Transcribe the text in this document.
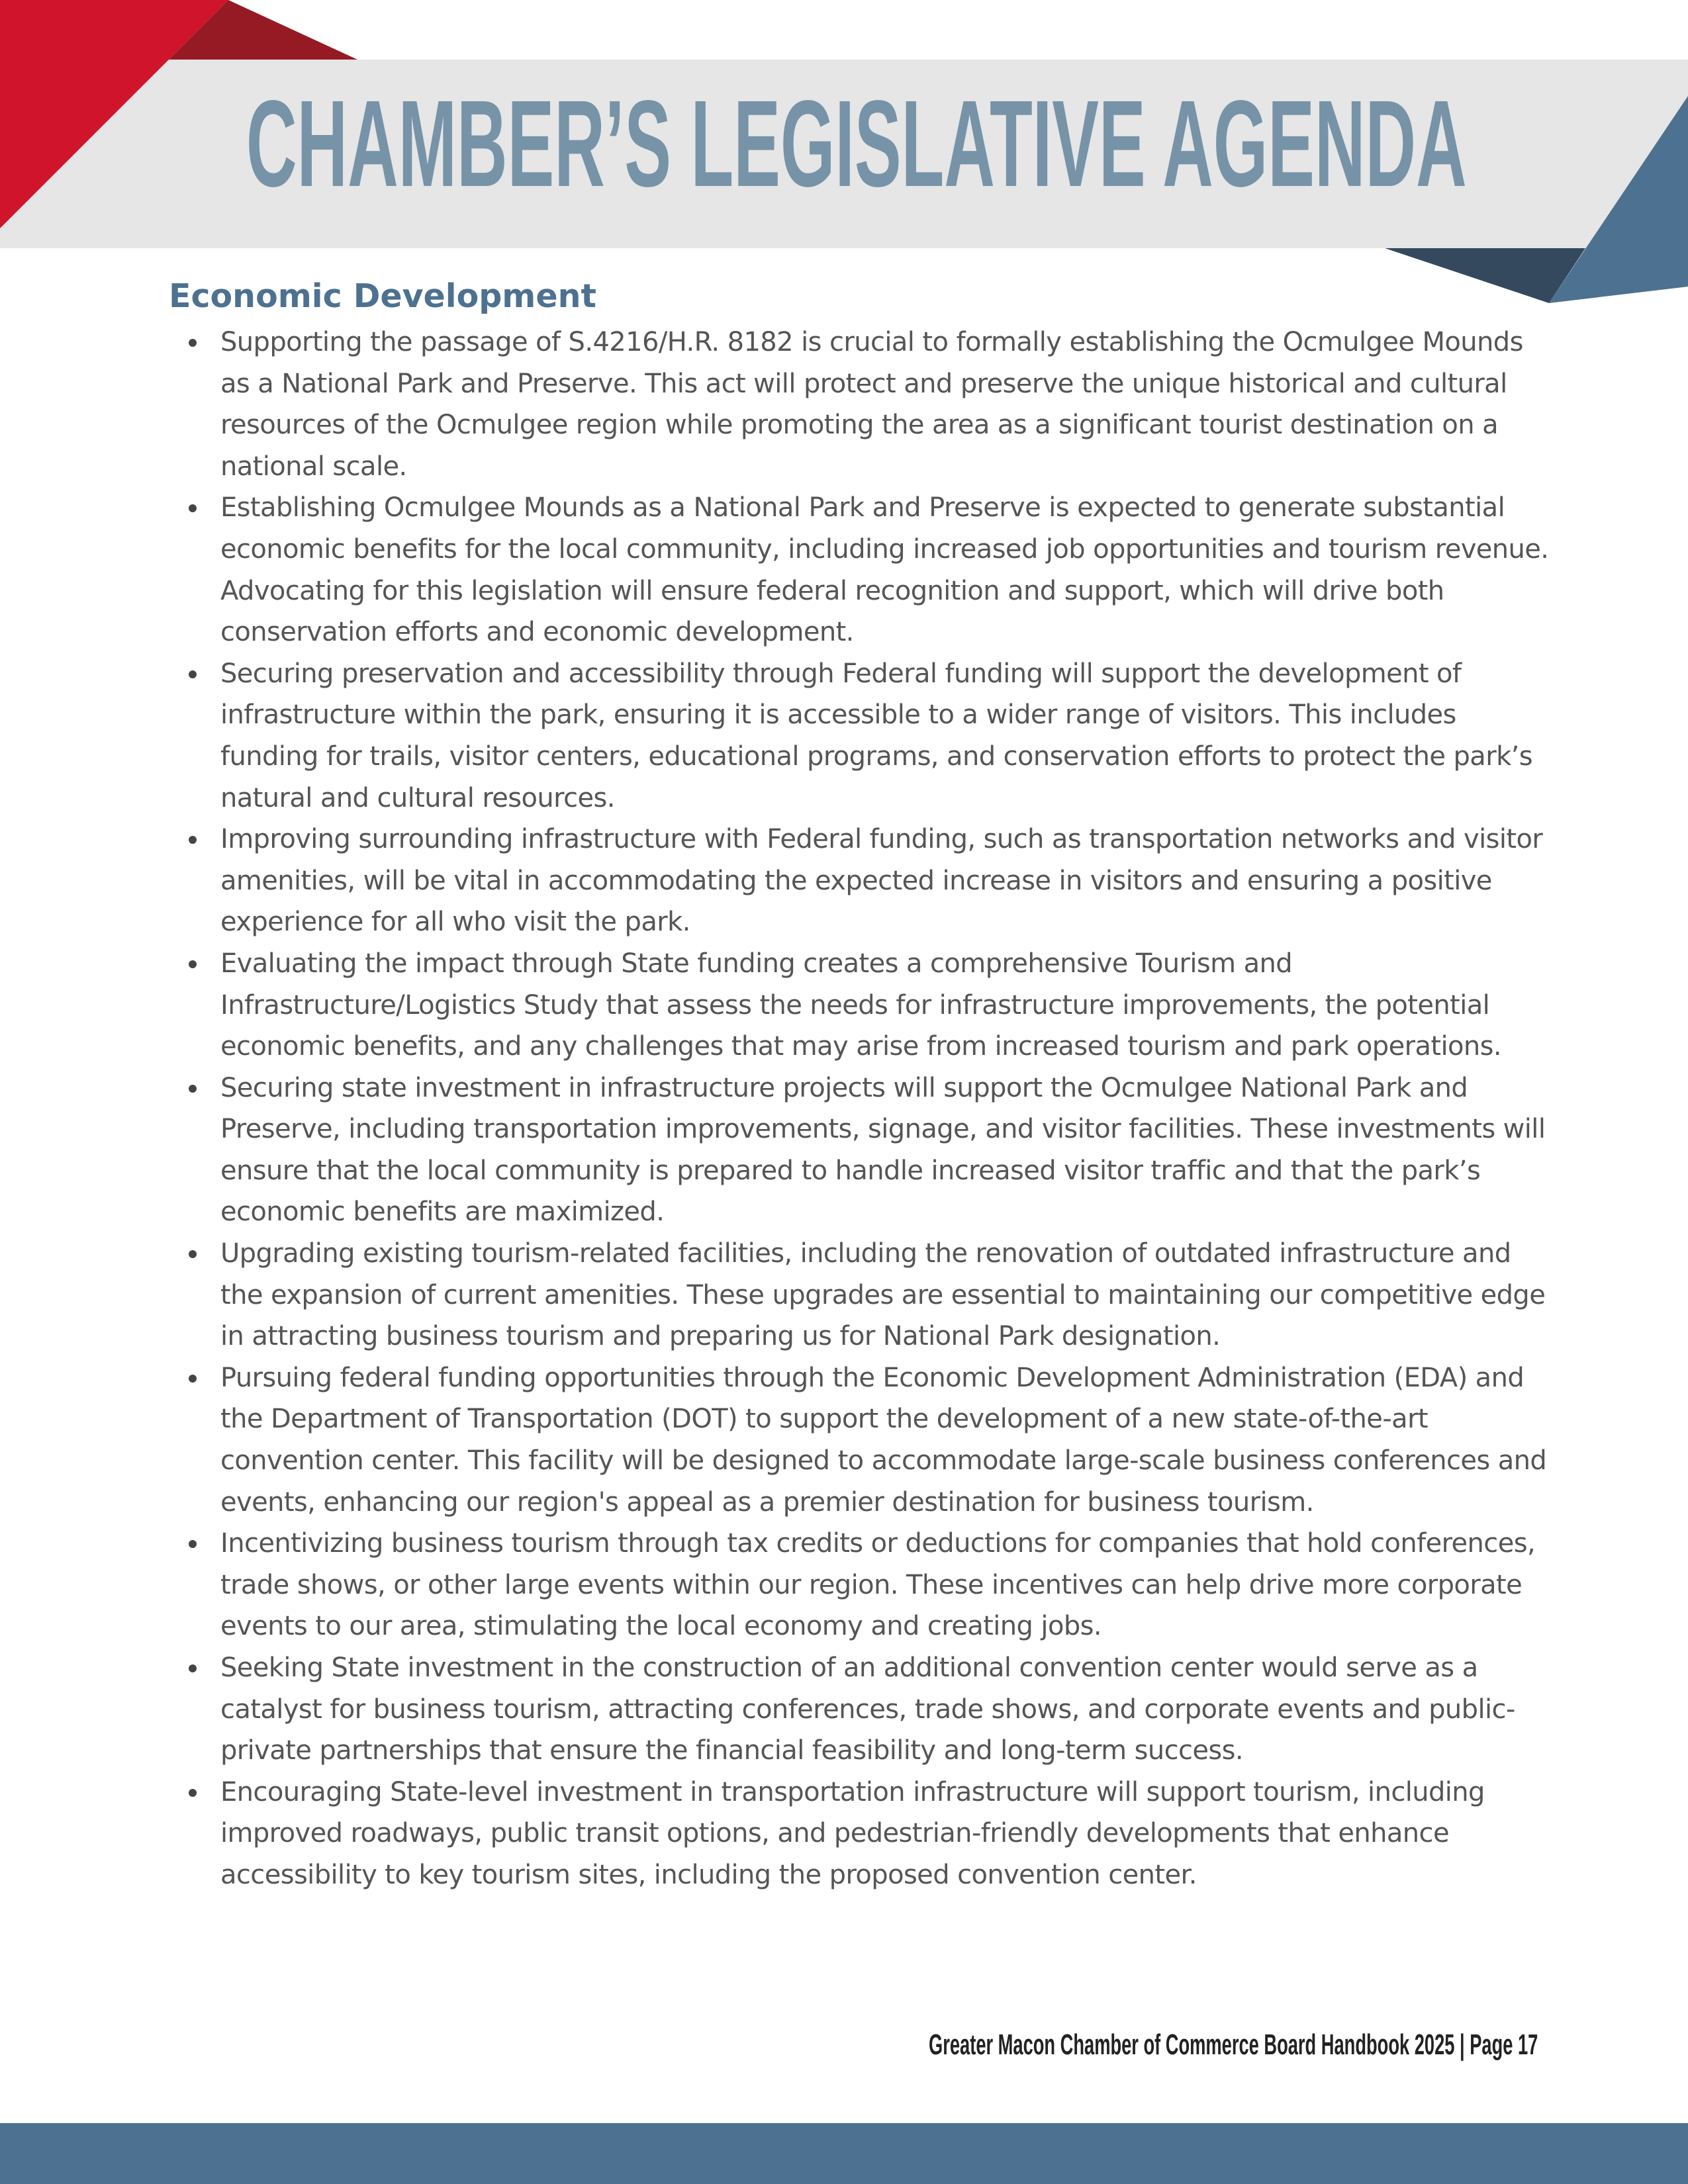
CHAMBER’S LEGISLATIVE AGENDA
Economic Development
Supporting the passage of S.4216/H.R. 8182 is crucial to formally establishing the Ocmulgee Mounds as a National Park and Preserve. This act will protect and preserve the unique historical and cultural resources of the Ocmulgee region while promoting the area as a significant tourist destination on a national scale.
Establishing Ocmulgee Mounds as a National Park and Preserve is expected to generate substantial economic benefits for the local community, including increased job opportunities and tourism revenue. Advocating for this legislation will ensure federal recognition and support, which will drive both conservation efforts and economic development.
Securing preservation and accessibility through Federal funding will support the development of infrastructure within the park, ensuring it is accessible to a wider range of visitors. This includes funding for trails, visitor centers, educational programs, and conservation efforts to protect the park’s natural and cultural resources.
Improving surrounding infrastructure with Federal funding, such as transportation networks and visitor amenities, will be vital in accommodating the expected increase in visitors and ensuring a positive experience for all who visit the park.
Evaluating the impact through State funding creates a comprehensive Tourism and Infrastructure/Logistics Study that assess the needs for infrastructure improvements, the potential economic benefits, and any challenges that may arise from increased tourism and park operations.
Securing state investment in infrastructure projects will support the Ocmulgee National Park and Preserve, including transportation improvements, signage, and visitor facilities. These investments will ensure that the local community is prepared to handle increased visitor traffic and that the park’s economic benefits are maximized.
Upgrading existing tourism-related facilities, including the renovation of outdated infrastructure and the expansion of current amenities. These upgrades are essential to maintaining our competitive edge in attracting business tourism and preparing us for National Park designation.
Pursuing federal funding opportunities through the Economic Development Administration (EDA) and the Department of Transportation (DOT) to support the development of a new state-of-the-art convention center. This facility will be designed to accommodate large-scale business conferences and events, enhancing our region's appeal as a premier destination for business tourism.
Incentivizing business tourism through tax credits or deductions for companies that hold conferences, trade shows, or other large events within our region. These incentives can help drive more corporate events to our area, stimulating the local economy and creating jobs.
Seeking State investment in the construction of an additional convention center would serve as a catalyst for business tourism, attracting conferences, trade shows, and corporate events and public-private partnerships that ensure the financial feasibility and long-term success.
Encouraging State-level investment in transportation infrastructure will support tourism, including improved roadways, public transit options, and pedestrian-friendly developments that enhance accessibility to key tourism sites, including the proposed convention center.
Greater Macon Chamber of Commerce Board Handbook 2025 | Page 17
